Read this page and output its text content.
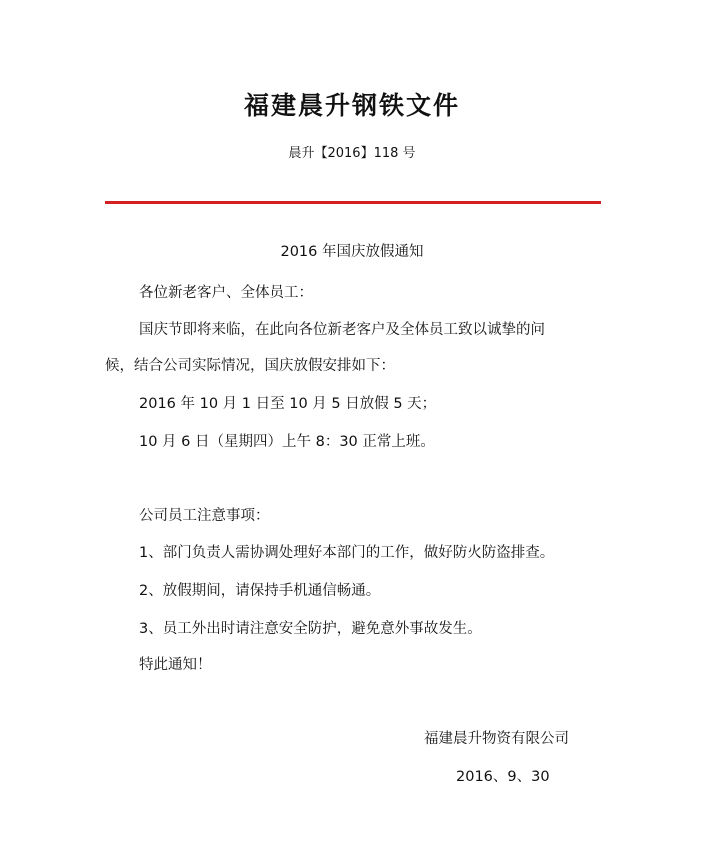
福建晨升钢铁文件
晨升【2016】118 号
2016 年国庆放假通知
各位新老客户、全体员工：
国庆节即将来临，在此向各位新老客户及全体员工致以诚挚的问
候，结合公司实际情况，国庆放假安排如下：
2016 年 10 月 1 日至 10 月 5 日放假 5 天；
10 月 6 日（星期四）上午 8：30 正常上班。
公司员工注意事项：
1、部门负责人需协调处理好本部门的工作，做好防火防盗排查。
2、放假期间，请保持手机通信畅通。
3、员工外出时请注意安全防护，避免意外事故发生。
特此通知！
福建晨升物资有限公司
2016、9、30
